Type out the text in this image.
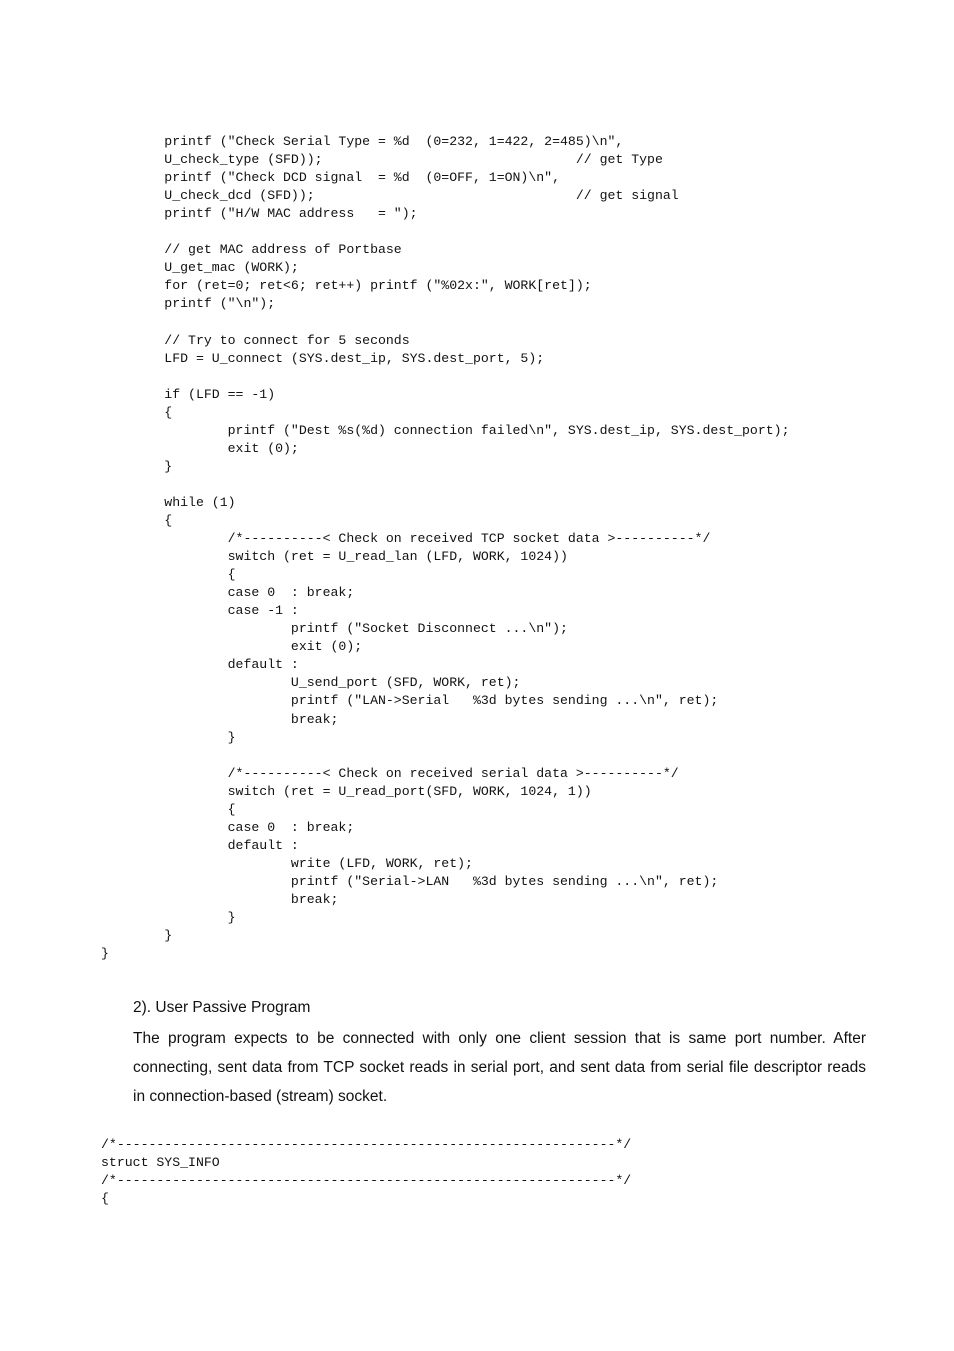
printf ("Check Serial Type = %d  (0=232, 1=422, 2=485)\n",
U_check_type (SFD));                                // get Type
printf ("Check DCD signal  = %d  (0=OFF, 1=ON)\n",
U_check_dcd (SFD));                                 // get signal
printf ("H/W MAC address   = ");

// get MAC address of Portbase
U_get_mac (WORK);
for (ret=0; ret<6; ret++) printf ("%02x:", WORK[ret]);
printf ("\n");

// Try to connect for 5 seconds
LFD = U_connect (SYS.dest_ip, SYS.dest_port, 5);

if (LFD == -1)
{
printf ("Dest %s(%d) connection failed\n", SYS.dest_ip, SYS.dest_port);
exit (0);
}

while (1)
{
/*----------< Check on received TCP socket data >----------*/
switch (ret = U_read_lan (LFD, WORK, 1024))
{
case 0  : break;
case -1 :
printf ("Socket Disconnect ...\n");
exit (0);
default :
U_send_port (SFD, WORK, ret);
printf ("LAN->Serial   %3d bytes sending ...\n", ret);
break;
}

/*----------< Check on received serial data >----------*/
switch (ret = U_read_port(SFD, WORK, 1024, 1))
{
case 0  : break;
default :
write (LFD, WORK, ret);
printf ("Serial->LAN   %3d bytes sending ...\n", ret);
break;
}
}
}

2). User Passive Program

The program expects to be connected with only one client session that is same port number. After connecting, sent data from TCP socket reads in serial port, and sent data from serial file descriptor reads in connection-based (stream) socket.

/*---------------------------------------------------------------*/
struct SYS_INFO
/*---------------------------------------------------------------*/
{
